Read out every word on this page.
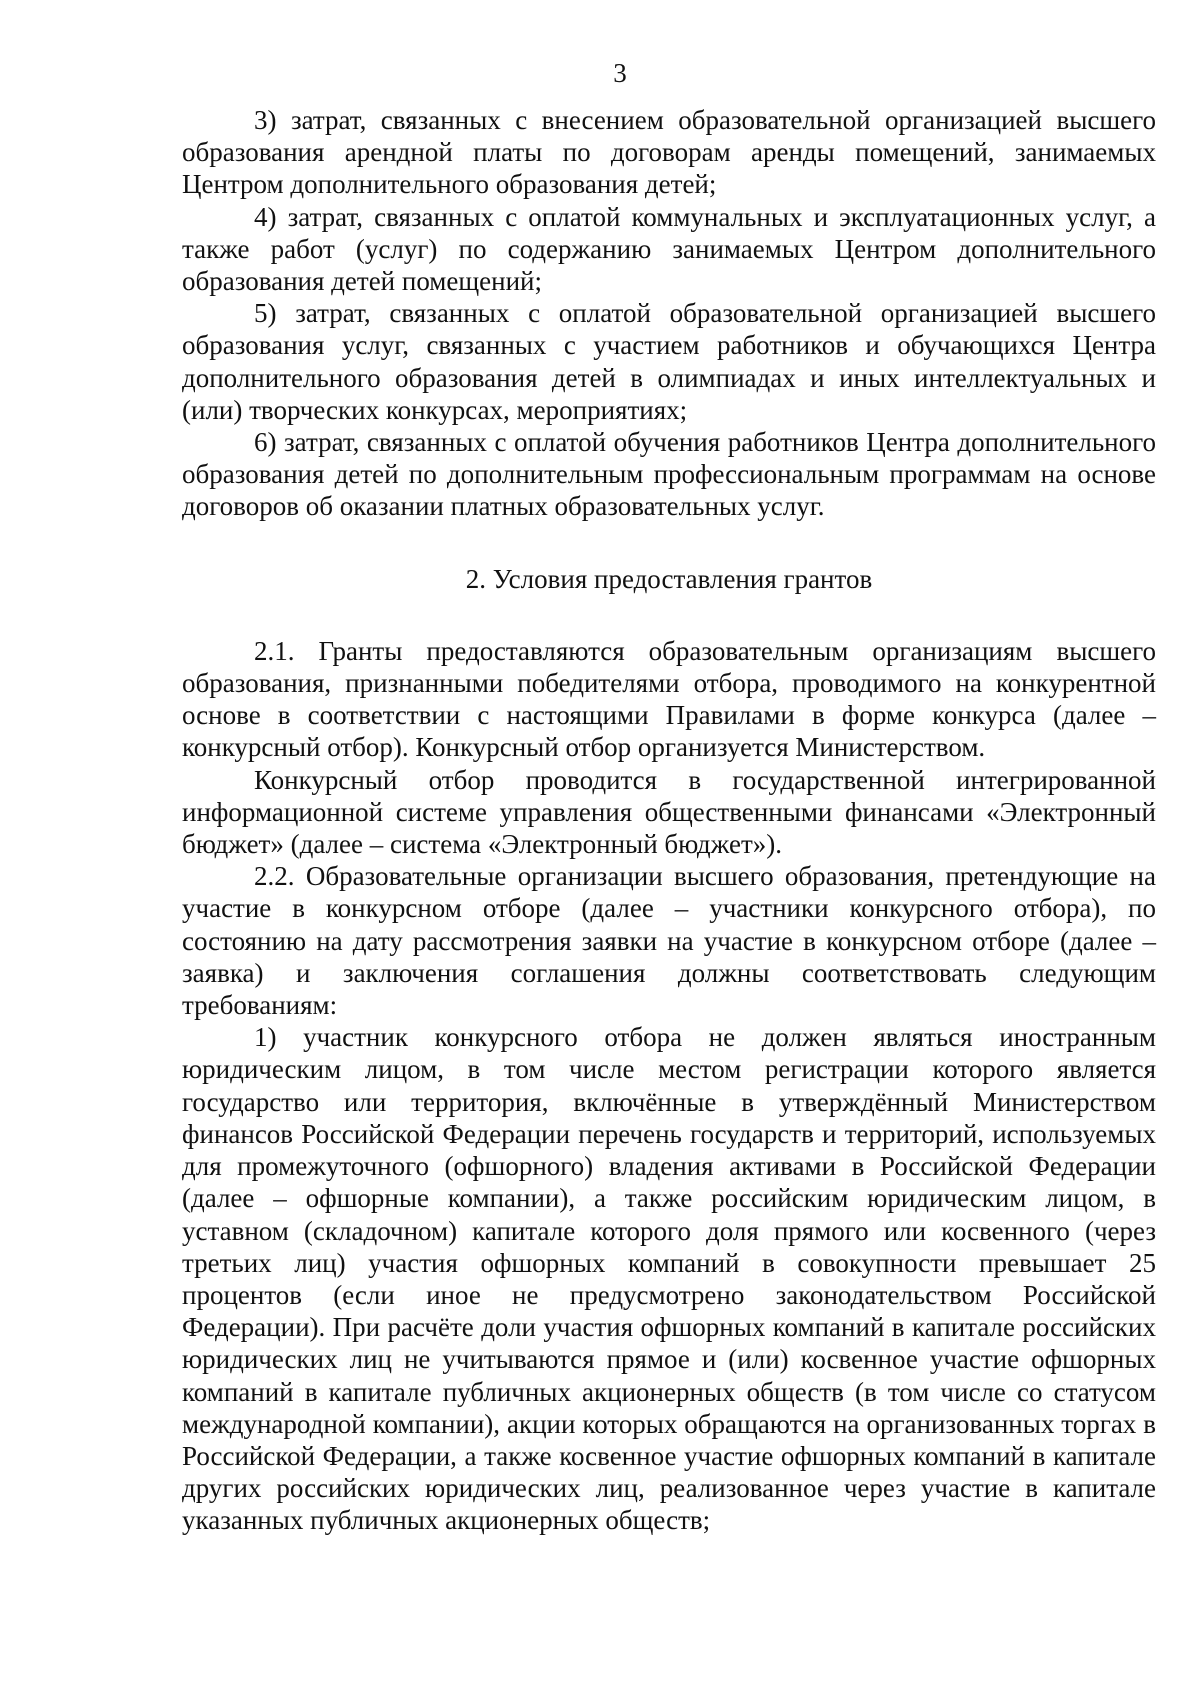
3

3) затрат, связанных с внесением образовательной организацией высшего образования арендной платы по договорам аренды помещений, занимаемых Центром дополнительного образования детей;

4) затрат, связанных с оплатой коммунальных и эксплуатационных услуг, а также работ (услуг) по содержанию занимаемых Центром дополнительного образования детей помещений;

5) затрат, связанных с оплатой образовательной организацией высшего образования услуг, связанных с участием работников и обучающихся Центра дополнительного образования детей в олимпиадах и иных интеллектуальных и (или) творческих конкурсах, мероприятиях;

6) затрат, связанных с оплатой обучения работников Центра дополнительного образования детей по дополнительным профессиональным программам на основе договоров об оказании платных образовательных услуг.

2. Условия предоставления грантов

2.1. Гранты предоставляются образовательным организациям высшего образования, признанными победителями отбора, проводимого на конкурентной основе в соответствии с настоящими Правилами в форме конкурса (далее – конкурсный отбор). Конкурсный отбор организуется Министерством.

Конкурсный отбор проводится в государственной интегрированной информационной системе управления общественными финансами «Электронный бюджет» (далее – система «Электронный бюджет»).

2.2. Образовательные организации высшего образования, претендующие на участие в конкурсном отборе (далее – участники конкурсного отбора), по состоянию на дату рассмотрения заявки на участие в конкурсном отборе (далее – заявка) и заключения соглашения должны соответствовать следующим требованиям:

1) участник конкурсного отбора не должен являться иностранным юридическим лицом, в том числе местом регистрации которого является государство или территория, включённые в утверждённый Министерством финансов Российской Федерации перечень государств и территорий, используемых для промежуточного (офшорного) владения активами в Российской Федерации (далее – офшорные компании), а также российским юридическим лицом, в уставном (складочном) капитале которого доля прямого или косвенного (через третьих лиц) участия офшорных компаний в совокупности превышает 25 процентов (если иное не предусмотрено законодательством Российской Федерации). При расчёте доли участия офшорных компаний в капитале российских юридических лиц не учитываются прямое и (или) косвенное участие офшорных компаний в капитале публичных акционерных обществ (в том числе со статусом международной компании), акции которых обращаются на организованных торгах в Российской Федерации, а также косвенное участие офшорных компаний в капитале других российских юридических лиц, реализованное через участие в капитале указанных публичных акционерных обществ;
